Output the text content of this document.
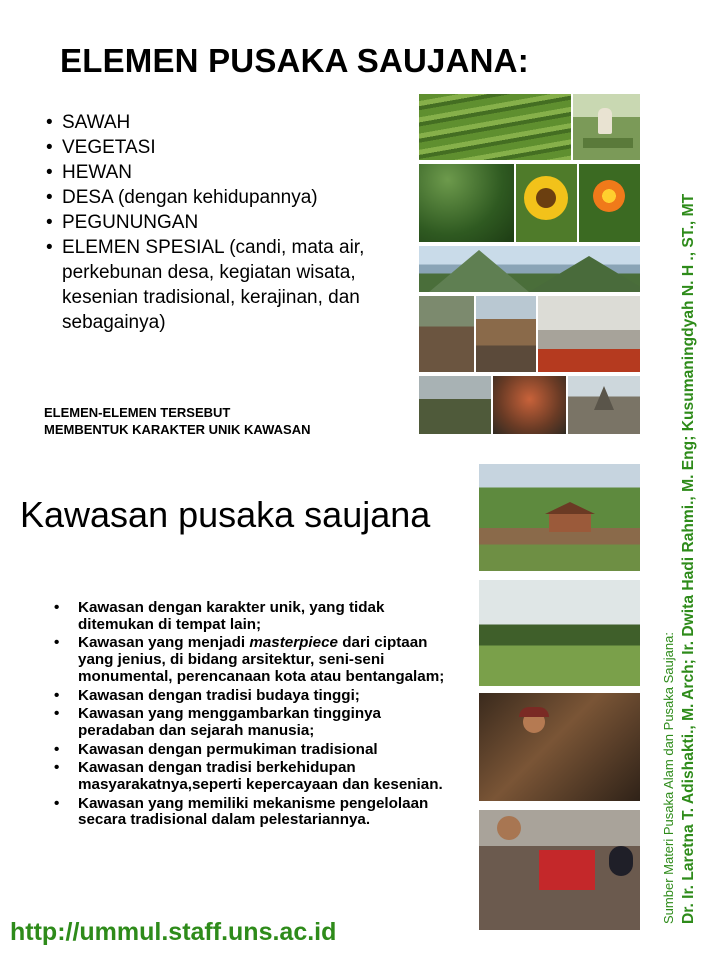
ELEMEN PUSAKA SAUJANA:
• SAWAH
• VEGETASI
• HEWAN
• DESA (dengan kehidupannya)
• PEGUNUNGAN
• ELEMEN SPESIAL (candi, mata air, perkebunan desa, kegiatan wisata, kesenian tradisional, kerajinan, dan sebagainya)
ELEMEN-ELEMEN TERSEBUT
MEMBENTUK KARAKTER UNIK KAWASAN
Kawasan pusaka saujana
• Kawasan dengan karakter unik, yang tidak ditemukan di tempat lain;
• Kawasan yang menjadi masterpiece dari ciptaan yang jenius, di bidang arsitektur, seni-seni monumental, perencanaan kota atau bentangalam;
• Kawasan dengan tradisi budaya tinggi;
• Kawasan yang menggambarkan tingginya peradaban dan sejarah manusia;
• Kawasan dengan permukiman tradisional
• Kawasan dengan tradisi berkehidupan masyarakatnya,seperti kepercayaan dan kesenian.
• Kawasan yang memiliki mekanisme pengelolaan secara tradisional dalam pelestariannya.
http://ummul.staff.uns.ac.id
Sumber Materi Pusaka Alam dan Pusaka Saujana: Dr. Ir. Laretna T. Adishakti., M. Arch; Ir. Dwita Hadi Rahmi., M. Eng; Kusumaningdyah N. H ., ST., MT
